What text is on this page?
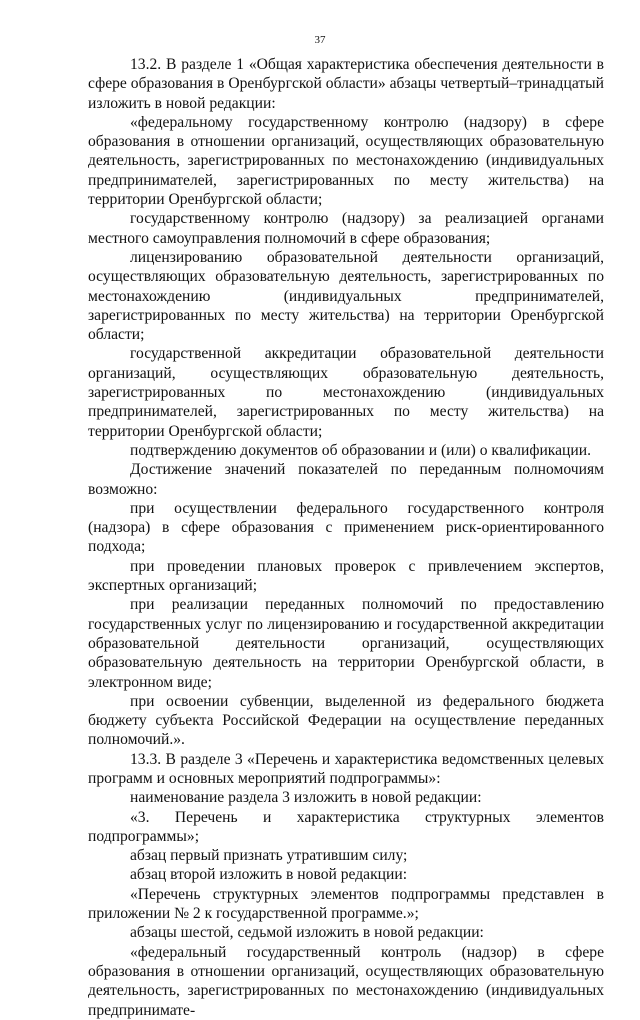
37

13.2. В разделе 1 «Общая характеристика обеспечения деятельности в сфере образования в Оренбургской области» абзацы четвертый–тринадцатый изложить в новой редакции:

«федеральному государственному контролю (надзору) в сфере образования в отношении организаций, осуществляющих образовательную деятельность, зарегистрированных по местонахождению (индивидуальных предпринимателей, зарегистрированных по месту жительства) на территории Оренбургской области;

государственному контролю (надзору) за реализацией органами местного самоуправления полномочий в сфере образования;

лицензированию образовательной деятельности организаций, осуществляющих образовательную деятельность, зарегистрированных по местонахождению (индивидуальных предпринимателей, зарегистрированных по месту жительства) на территории Оренбургской области;

государственной аккредитации образовательной деятельности организаций, осуществляющих образовательную деятельность, зарегистрированных по местонахождению (индивидуальных предпринимателей, зарегистрированных по месту жительства) на территории Оренбургской области;

подтверждению документов об образовании и (или) о квалификации.

Достижение значений показателей по переданным полномочиям возможно:

при осуществлении федерального государственного контроля (надзора) в сфере образования с применением риск-ориентированного подхода;

при проведении плановых проверок с привлечением экспертов, экспертных организаций;

при реализации переданных полномочий по предоставлению государственных услуг по лицензированию и государственной аккредитации образовательной деятельности организаций, осуществляющих образовательную деятельность на территории Оренбургской области, в электронном виде;

при освоении субвенции, выделенной из федерального бюджета бюджету субъекта Российской Федерации на осуществление переданных полномочий.».

13.3. В разделе 3 «Перечень и характеристика ведомственных целевых программ и основных мероприятий подпрограммы»:

наименование раздела 3 изложить в новой редакции:

«3. Перечень и характеристика структурных элементов подпрограммы»;

абзац первый признать утратившим силу;

абзац второй изложить в новой редакции:

«Перечень структурных элементов подпрограммы представлен в приложении № 2 к государственной программе.»;

абзацы шестой, седьмой изложить в новой редакции:

«федеральный государственный контроль (надзор) в сфере образования в отношении организаций, осуществляющих образовательную деятельность, зарегистрированных по местонахождению (индивидуальных предпринимате-
